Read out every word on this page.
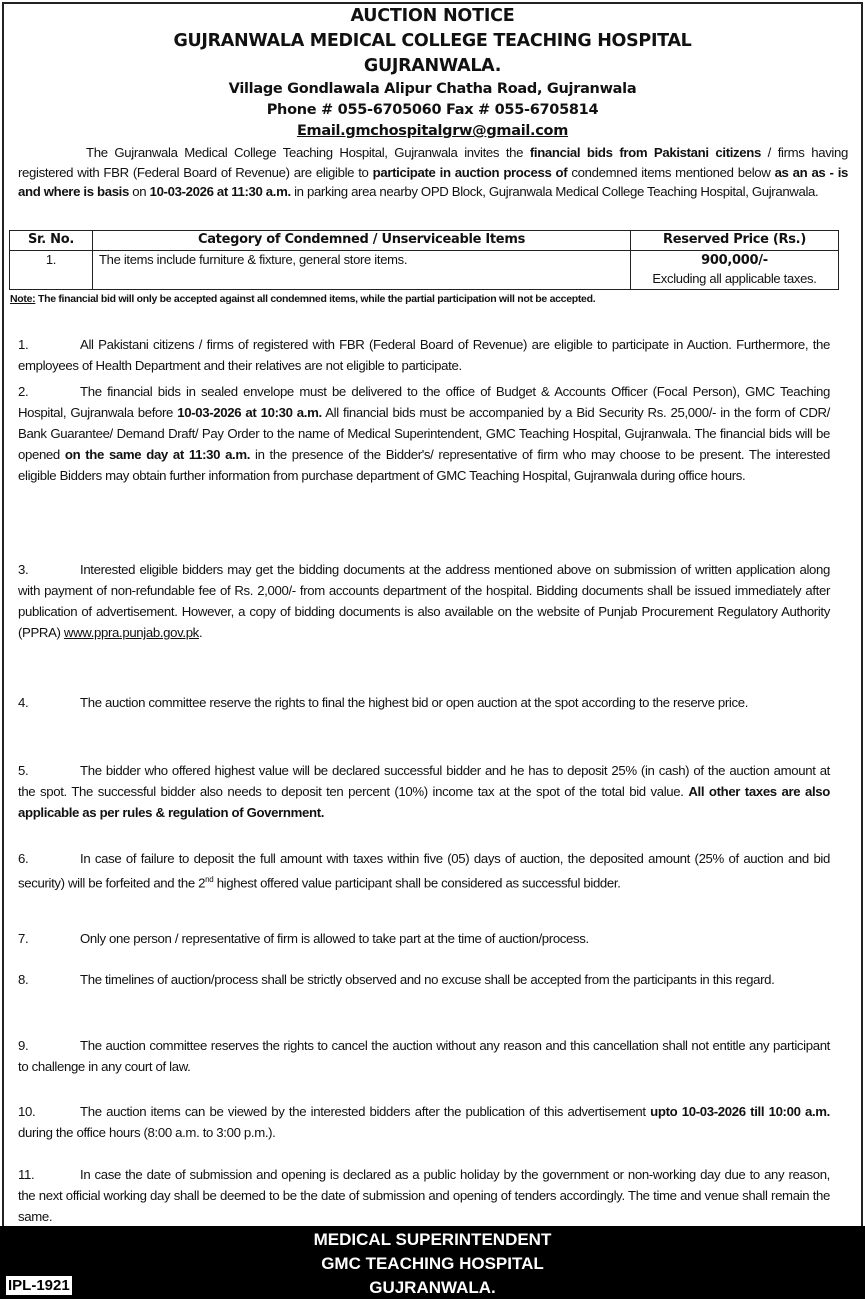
AUCTION NOTICE
GUJRANWALA MEDICAL COLLEGE TEACHING HOSPITAL
GUJRANWALA.
Village Gondlawala Alipur Chatha Road, Gujranwala
Phone # 055-6705060 Fax # 055-6705814
Email.gmchospitalgrw@gmail.com
The Gujranwala Medical College Teaching Hospital, Gujranwala invites the financial bids from Pakistani citizens / firms having registered with FBR (Federal Board of Revenue) are eligible to participate in auction process of condemned items mentioned below as an as - is and where is basis on 10-03-2026 at 11:30 a.m. in parking area nearby OPD Block, Gujranwala Medical College Teaching Hospital, Gujranwala.
Sr. No.	Category of Condemned / Unserviceable Items	Reserved Price (Rs.)
1.	The items include furniture & fixture, general store items.	900,000/-
Excluding all applicable taxes.
Note: The financial bid will only be accepted against all condemned items, while the partial participation will not be accepted.
1.	All Pakistani citizens / firms of registered with FBR (Federal Board of Revenue) are eligible to participate in Auction. Furthermore, the employees of Health Department and their relatives are not eligible to participate.
2.	The financial bids in sealed envelope must be delivered to the office of Budget & Accounts Officer (Focal Person), GMC Teaching Hospital, Gujranwala before 10-03-2026 at 10:30 a.m. All financial bids must be accompanied by a Bid Security Rs. 25,000/- in the form of CDR/ Bank Guarantee/ Demand Draft/ Pay Order to the name of Medical Superintendent, GMC Teaching Hospital, Gujranwala. The financial bids will be opened on the same day at 11:30 a.m. in the presence of the Bidder's/ representative of firm who may choose to be present. The interested eligible Bidders may obtain further information from purchase department of GMC Teaching Hospital, Gujranwala during office hours.
3.	Interested eligible bidders may get the bidding documents at the address mentioned above on submission of written application along with payment of non-refundable fee of Rs. 2,000/- from accounts department of the hospital. Bidding documents shall be issued immediately after publication of advertisement. However, a copy of bidding documents is also available on the website of Punjab Procurement Regulatory Authority (PPRA) www.ppra.punjab.gov.pk.
4.	The auction committee reserve the rights to final the highest bid or open auction at the spot according to the reserve price.
5.	The bidder who offered highest value will be declared successful bidder and he has to deposit 25% (in cash) of the auction amount at the spot. The successful bidder also needs to deposit ten percent (10%) income tax at the spot of the total bid value. All other taxes are also applicable as per rules & regulation of Government.
6.	In case of failure to deposit the full amount with taxes within five (05) days of auction, the deposited amount (25% of auction and bid security) will be forfeited and the 2nd highest offered value participant shall be considered as successful bidder.
7.	Only one person / representative of firm is allowed to take part at the time of auction/process.
8.	The timelines of auction/process shall be strictly observed and no excuse shall be accepted from the participants in this regard.
9.	The auction committee reserves the rights to cancel the auction without any reason and this cancellation shall not entitle any participant to challenge in any court of law.
10.	The auction items can be viewed by the interested bidders after the publication of this advertisement upto 10-03-2026 till 10:00 a.m. during the office hours (8:00 a.m. to 3:00 p.m.).
11.	In case the date of submission and opening is declared as a public holiday by the government or non-working day due to any reason, the next official working day shall be deemed to be the date of submission and opening of tenders accordingly. The time and venue shall remain the same.
MEDICAL SUPERINTENDENT
GMC TEACHING HOSPITAL
GUJRANWALA.
IPL-1921
